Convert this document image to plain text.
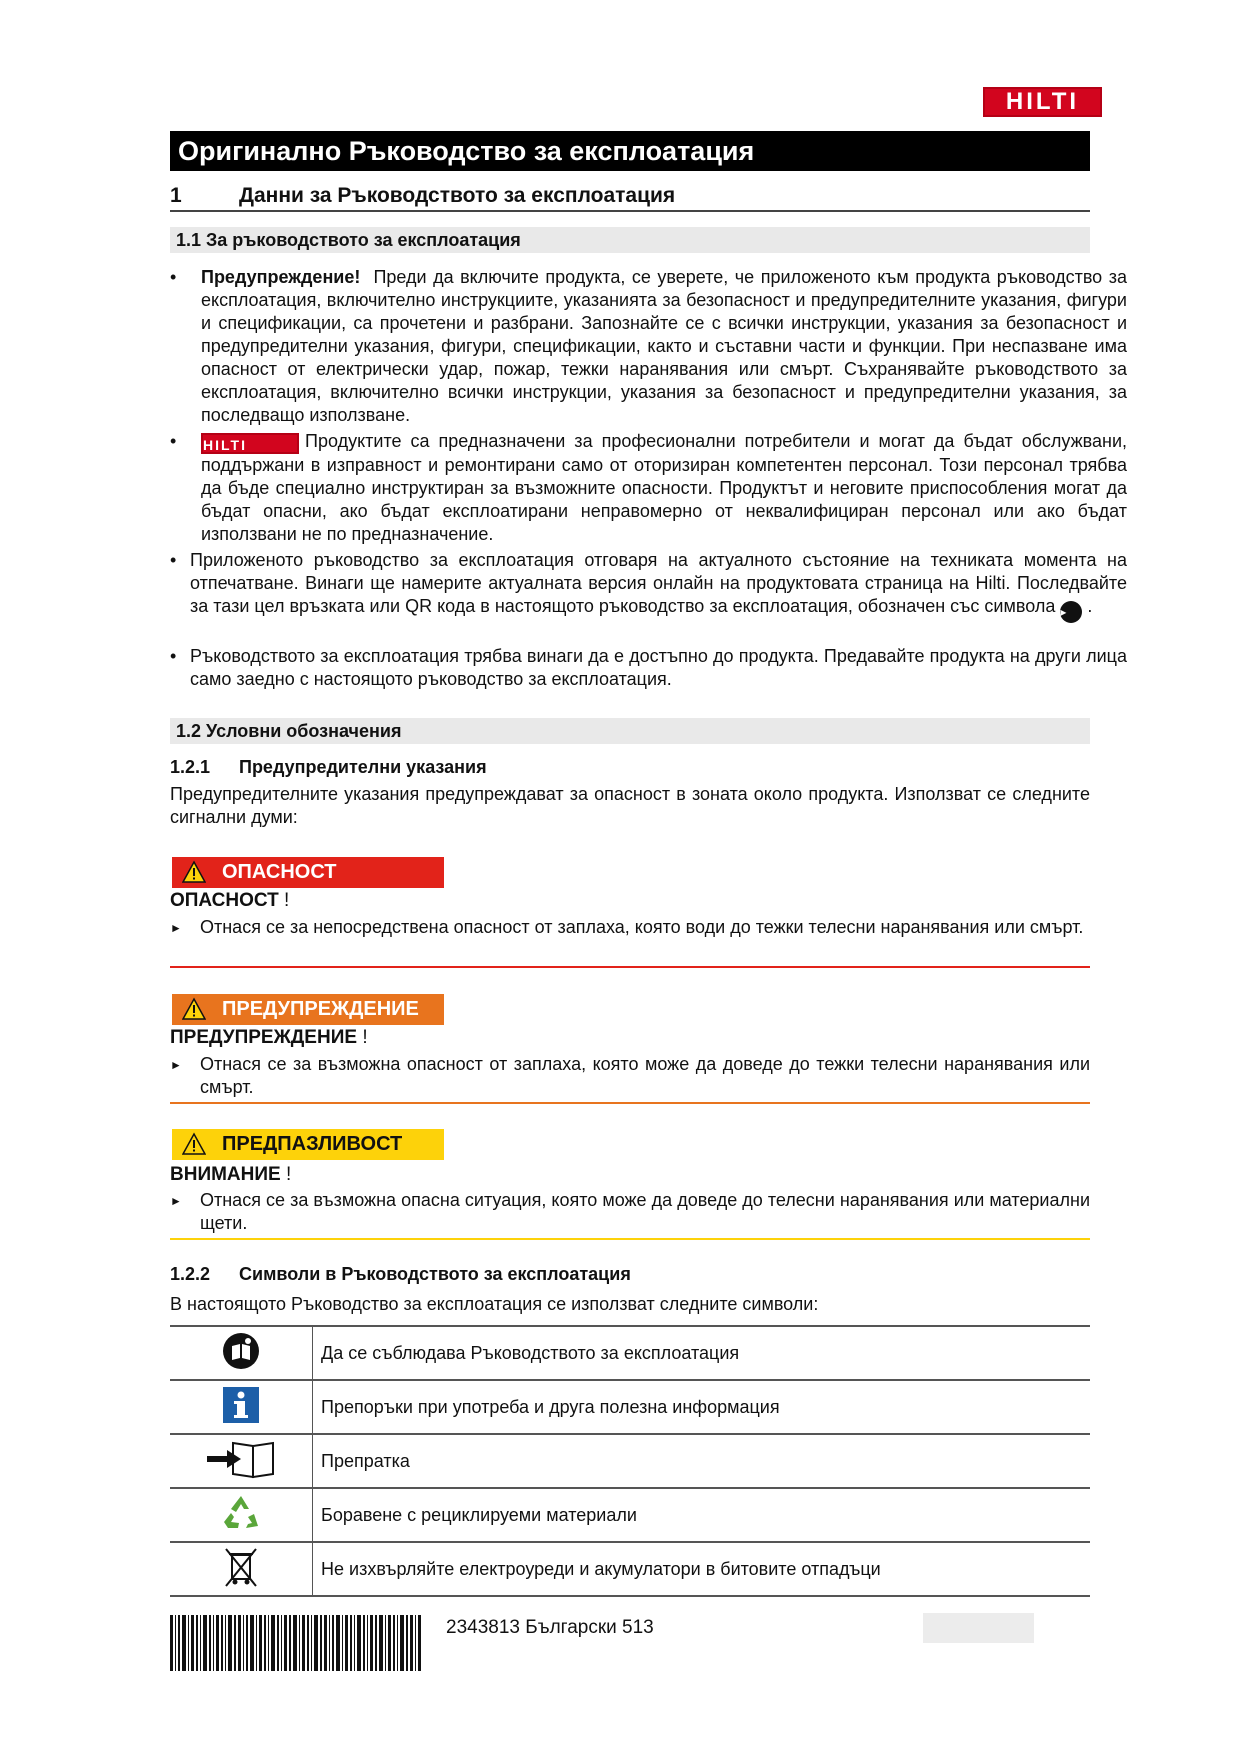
HILTI
Оригинално Ръководство за експлоатация
1	Данни за Ръководството за експлоатация
1.1 За ръководството за експлоатация
• Предупреждение! Преди да включите продукта, се уверете, че приложеното към продукта ръководство за експлоатация, включително инструкциите, указанията за безопасност и предупредителните указания, фигури и спецификации, са прочетени и разбрани. Запознайте се с всички инструкции, указания за безопасност и предупредителни указания, фигури, спецификации, както и съставни части и функции. При неспазване има опасност от електрически удар, пожар, тежки наранявания или смърт. Съхранявайте ръководството за експлоатация, включително всички инструкции, указания за безопасност и предупредителни указания, за последващо използване.
• HILTI	Продуктите са предназначени за професионални потребители и могат да бъдат обслужвани, поддържани в изправност и ремонтирани само от оторизиран компетентен персонал. Този персонал трябва да бъде специално инструктиран за възможните опасности. Продуктът и неговите приспособления могат да бъдат опасни, ако бъдат експлоатирани неправомерно от неквалифициран персонал или ако бъдат използвани не по предназначение.
• Приложеното ръководство за експлоатация отговаря на актуалното състояние на техниката момента на отпечатване. Винаги ще намерите актуалната версия онлайн на продуктовата страница на Hilti. Последвайте за тази цел връзката или QR кода в настоящото ръководство за експлоатация, обозначен със символа ▸ .
• Ръководството за експлоатация трябва винаги да е достъпно до продукта. Предавайте продукта на други лица само заедно с настоящото ръководство за експлоатация.
1.2 Условни обозначения
1.2.1 Предупредителни указания
Предупредителните указания предупреждават за опасност в зоната около продукта. Използват се следните сигнални думи:
ОПАСНОСТ
ОПАСНОСТ !
► Отнася се за непосредствена опасност от заплаха, която води до тежки телесни наранявания или смърт.
ПРЕДУПРЕЖДЕНИЕ
ПРЕДУПРЕЖДЕНИЕ !
► Отнася се за възможна опасност от заплаха, която може да доведе до тежки телесни наранявания или смърт.
ПРЕДПАЗЛИВОСТ
ВНИМАНИЕ !
► Отнася се за възможна опасна ситуация, която може да доведе до телесни наранявания или материални щети.
1.2.2 Символи в Ръководството за експлоатация
В настоящото Ръководство за експлоатация се използват следните символи:
	Да се съблюдава Ръководството за експлоатация
	Препоръки при употреба и друга полезна информация
	Препратка
	Боравене с рециклируеми материали
	Не изхвърляйте електроуреди и акумулатори в битовите отпадъци
2343813 Български 513
